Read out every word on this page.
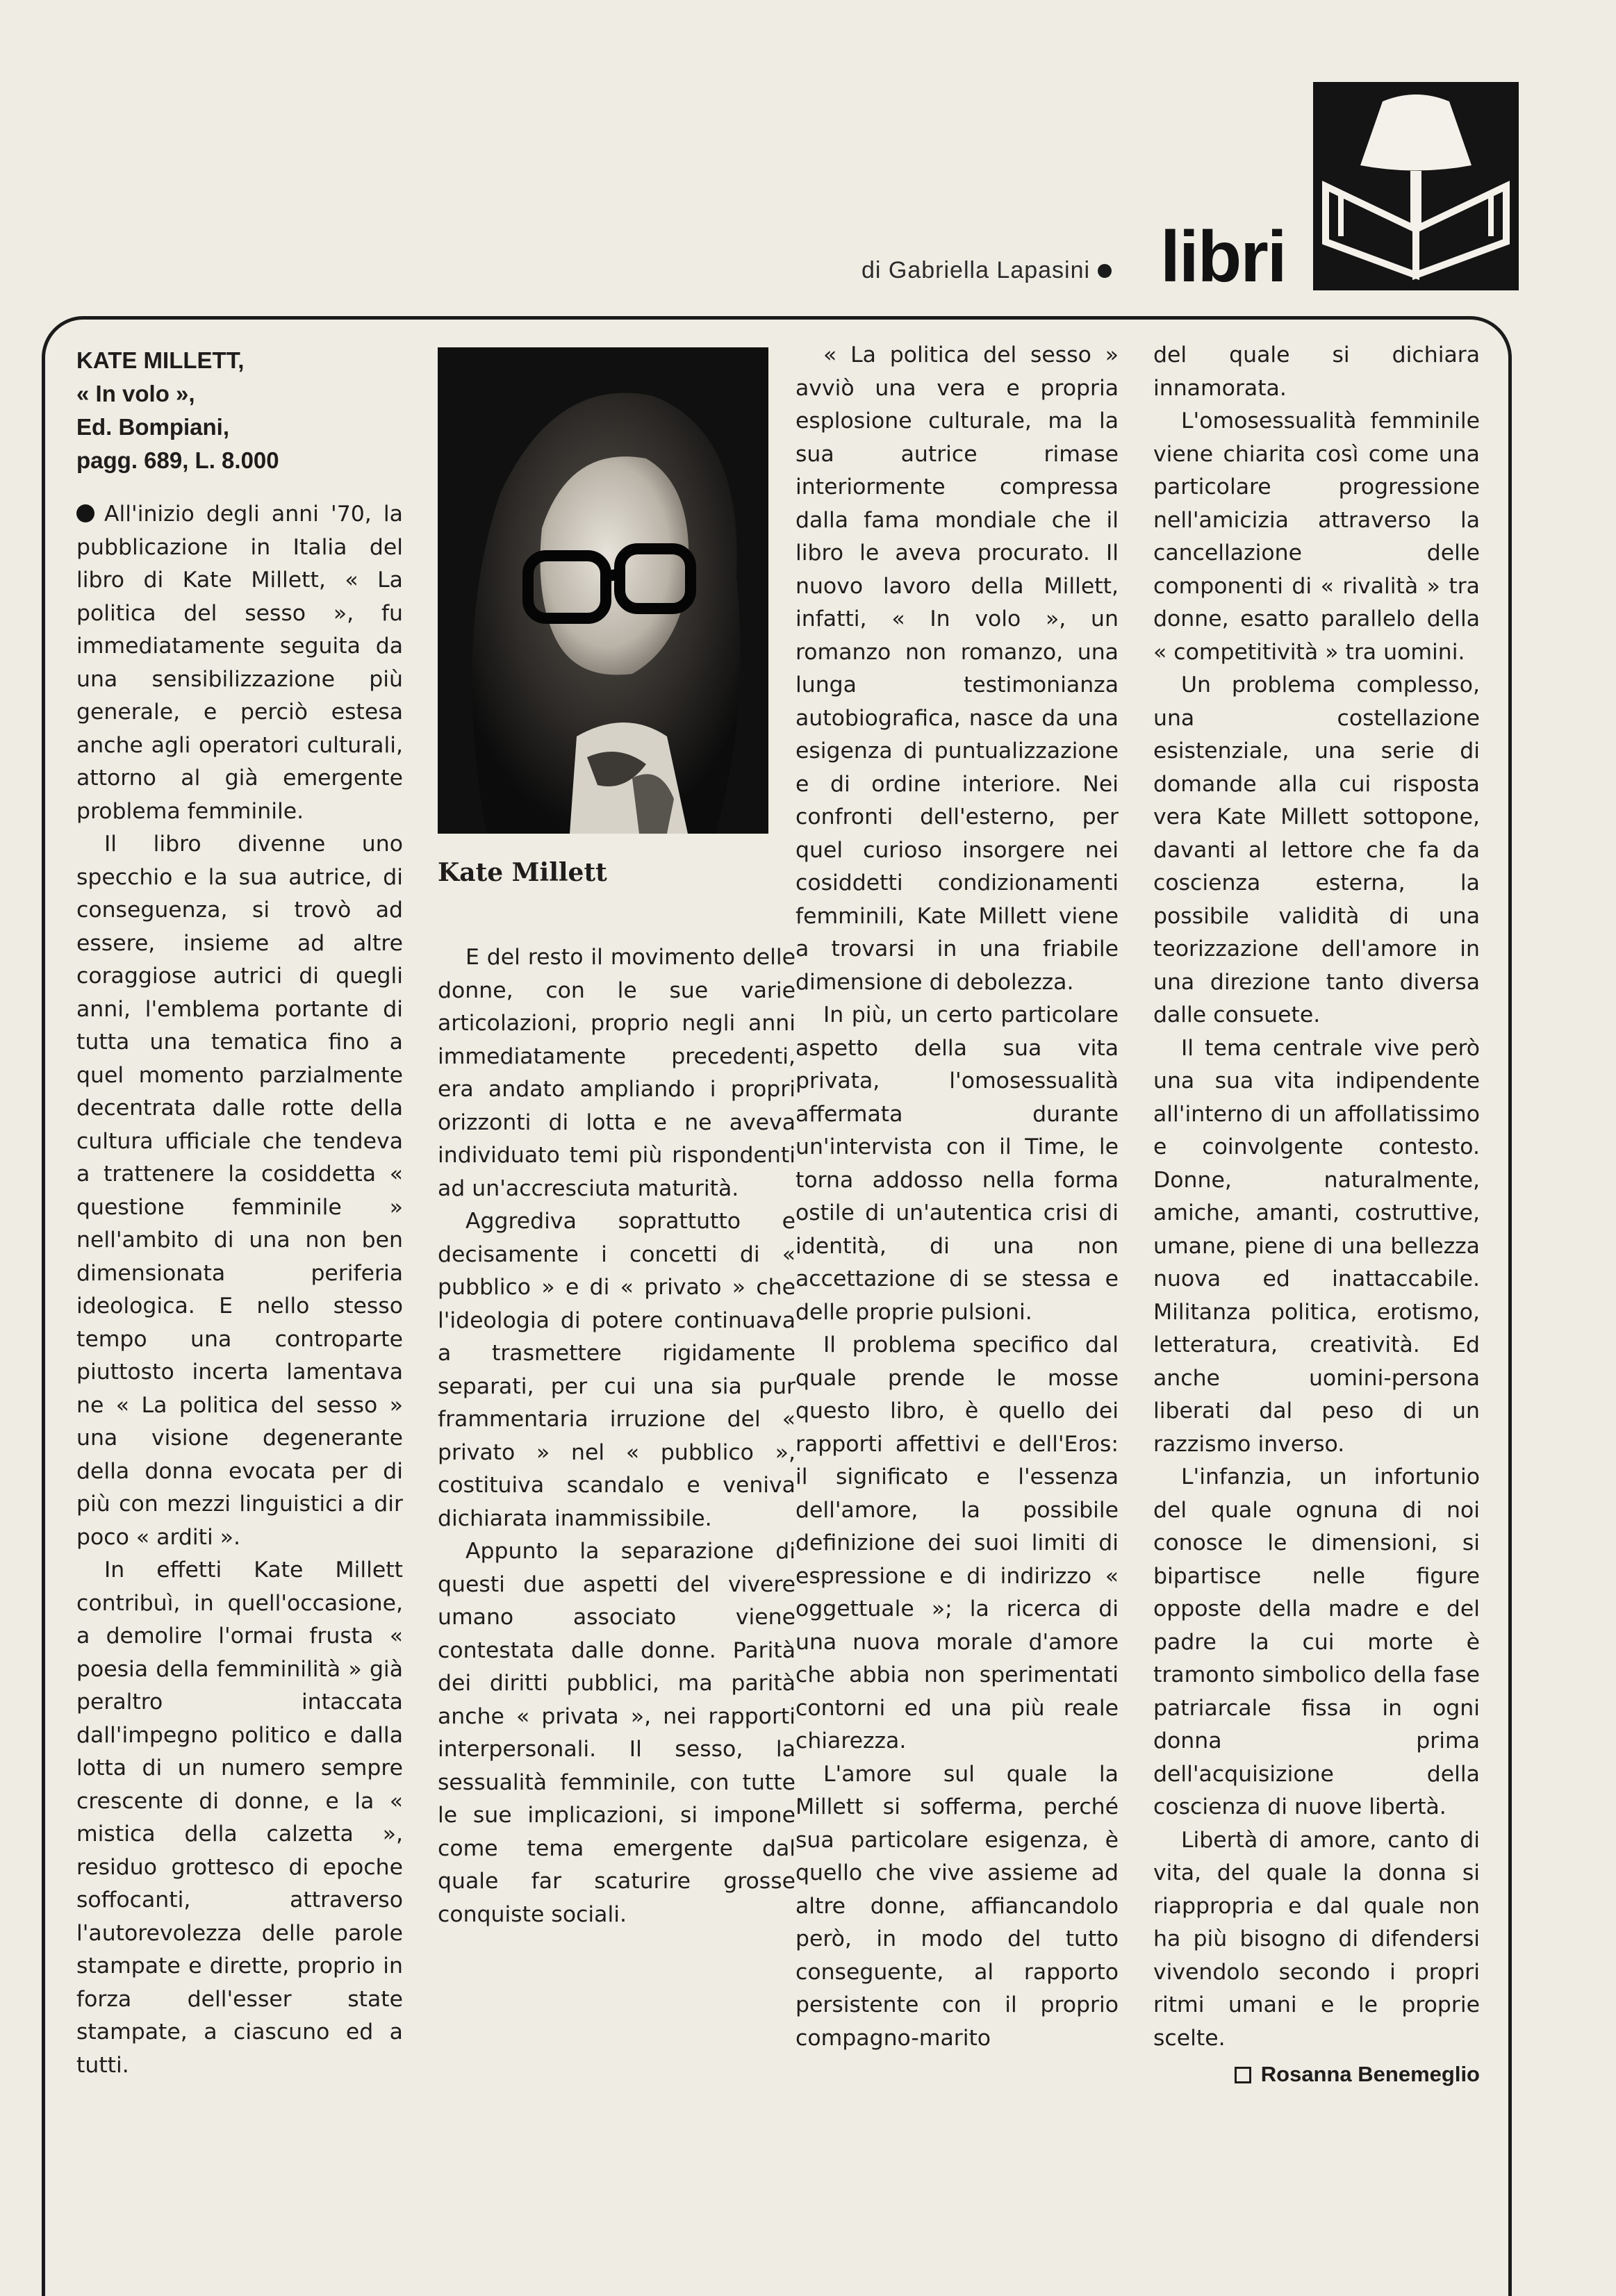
di Gabriella Lapasini libri
KATE MILLETT,
« In volo »,
Ed. Bompiani,
pagg. 689, L. 8.000

All'inizio degli anni '70, la pubblicazione in Italia del libro di Kate Millett, « La politica del sesso », fu immediatamente seguita da una sensibilizzazione più generale, e perciò estesa anche agli operatori culturali, attorno al già emergente problema femminile.

Il libro divenne uno specchio e la sua autrice, di conseguenza, si trovò ad essere, insieme ad altre coraggiose autrici di quegli anni, l'emblema portante di tutta una tematica fino a quel momento parzialmente decentrata dalle rotte della cultura ufficiale che tendeva a trattenere la cosiddetta « questione femminile » nell'ambito di una non ben dimensionata periferia ideologica. E nello stesso tempo una controparte piuttosto incerta lamentava ne « La politica del sesso » una visione degenerante della donna evocata per di più con mezzi linguistici a dir poco « arditi ».

In effetti Kate Millett contribuì, in quell'occasione, a demolire l'ormai frusta « poesia della femminilità » già peraltro intaccata dall'impegno politico e dalla lotta di un numero sempre crescente di donne, e la « mistica della calzetta », residuo grottesco di epoche soffocanti, attraverso l'autorevolezza delle parole stampate e dirette, proprio in forza dell'esser state stampate, a ciascuno ed a tutti.

Kate Millett

E del resto il movimento delle donne, con le sue varie articolazioni, proprio negli anni immediatamente precedenti, era andato ampliando i propri orizzonti di lotta e ne aveva individuato temi più rispondenti ad un'accresciuta maturità.

Aggrediva soprattutto e decisamente i concetti di « pubblico » e di « privato » che l'ideologia di potere continuava a trasmettere rigidamente separati, per cui una sia pur frammentaria irruzione del « privato » nel « pubblico », costituiva scandalo e veniva dichiarata inammissibile.

Appunto la separazione di questi due aspetti del vivere umano associato viene contestata dalle donne. Parità dei diritti pubblici, ma parità anche « privata », nei rapporti interpersonali. Il sesso, la sessualità femminile, con tutte le sue implicazioni, si impone come tema emergente dal quale far scaturire grosse conquiste sociali.

« La politica del sesso » avviò una vera e propria esplosione culturale, ma la sua autrice rimase interiormente compressa dalla fama mondiale che il libro le aveva procurato. Il nuovo lavoro della Millett, infatti, « In volo », un romanzo non romanzo, una lunga testimonianza autobiografica, nasce da una esigenza di puntualizzazione e di ordine interiore. Nei confronti dell'esterno, per quel curioso insorgere nei cosiddetti condizionamenti femminili, Kate Millett viene a trovarsi in una friabile dimensione di debolezza.

In più, un certo particolare aspetto della sua vita privata, l'omosessualità affermata durante un'intervista con il Time, le torna addosso nella forma ostile di un'autentica crisi di identità, di una non accettazione di se stessa e delle proprie pulsioni.

Il problema specifico dal quale prende le mosse questo libro, è quello dei rapporti affettivi e dell'Eros: il significato e l'essenza dell'amore, la possibile definizione dei suoi limiti di espressione e di indirizzo « oggettuale »; la ricerca di una nuova morale d'amore che abbia non sperimentati contorni ed una più reale chiarezza.

L'amore sul quale la Millett si sofferma, perché sua particolare esigenza, è quello che vive assieme ad altre donne, affiancandolo però, in modo del tutto conseguente, al rapporto persistente con il proprio compagno-marito

del quale si dichiara innamorata.

L'omosessualità femminile viene chiarita così come una particolare progressione nell'amicizia attraverso la cancellazione delle componenti di « rivalità » tra donne, esatto parallelo della « competitività » tra uomini.

Un problema complesso, una costellazione esistenziale, una serie di domande alla cui risposta vera Kate Millett sottopone, davanti al lettore che fa da coscienza esterna, la possibile validità di una teorizzazione dell'amore in una direzione tanto diversa dalle consuete.

Il tema centrale vive però una sua vita indipendente all'interno di un affollatissimo e coinvolgente contesto. Donne, naturalmente, amiche, amanti, costruttive, umane, piene di una bellezza nuova ed inattaccabile. Militanza politica, erotismo, letteratura, creatività. Ed anche uomini-persona liberati dal peso di un razzismo inverso.

L'infanzia, un infortunio del quale ognuna di noi conosce le dimensioni, si bipartisce nelle figure opposte della madre e del padre la cui morte è tramonto simbolico della fase patriarcale fissa in ogni donna prima dell'acquisizione della coscienza di nuove libertà.

Libertà di amore, canto di vita, del quale la donna si riappropria e dal quale non ha più bisogno di difendersi vivendolo secondo i propri ritmi umani e le proprie scelte.

Rosanna Benemeglio
